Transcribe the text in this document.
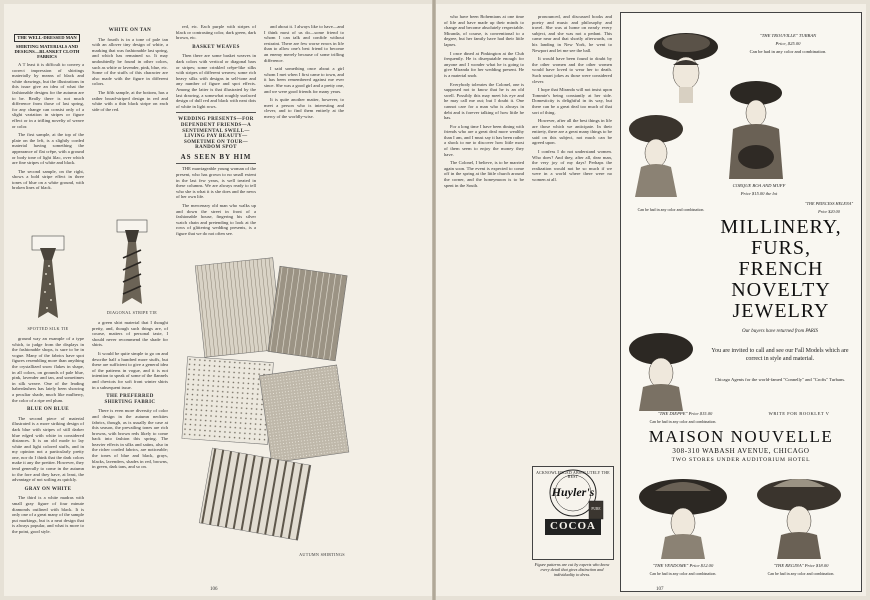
THE WELL-DRESSED MAN
SHIRTING MATERIALS AND DESIGNS—BLANKET CLOTH FABRICS

A T least it is difficult to convey a correct impression of shirtings materially by means of black and white drawings, but the illustrations in this issue give an idea of what the fashionable designs for the autumn are to be. Really there is not much difference from those of last spring, for any change can consist only of a slight variation in stripes or figure effect or in a trifling novelty of weave or color.

The first sample, at the top of the plate on the left, is a slightly corded material having something the appearance of flat crêpe, with a ground or body tone of light lilac, over which are fine stripes of white and black.

The second sample, on the right, shows a bold stripe effect in three tones of blue on a white ground, with broken lines of black.

SPOTTED SILK TIE

ground way an example of a type which, to judge from the displays in the fashionable shops, is sure to be in vogue. Many of the fabrics have spot figures resembling more than anything the crystallized snow flakes in shape, in all colors, on grounds of pale blue, pink, lavender and tan, and sometimes in silk weave. One of the leading haberdashers has lately been showing a peculiar shade, much like mulberry, the color of a ripe red plum.

BLUE ON BLUE

The second piece of material illustrated is a more striking design of dark blue with stripes of still darker blue edged with white in considered distances. It is an old mode to lay white and light colored stuffs, and in my opinion not a particularly pretty one, nor do I think that the dark colors make it any the prettier. However, they tend generally to come in the autumn to the fore and they have, at least, the advantage of not soiling as quickly.

GRAY ON WHITE

The third is a white madras with small gray figure of four minute diamonds outlined with black. It is only one of a great many of the sample put markings, but is a neat design that is always popular, and what is more to the point, good style.

WHITE ON TAN

The fourth is in a tone of pale tan with an allover tiny design of white, a marking that was fashionable last spring, and which has remained so. It may undoubtedly be found in other colors, such as white or lavender, pink, blue, etc. Some of the stuffs of this character are also made with the figure in different colors.

The fifth sample, at the bottom, has a rather broad-striped design in red and white with a thin black stripe on each side of the red.

DIAGONAL STRIPE TIE

a green shirt material that I thought pretty, and, though such things are, of course, matters of personal taste, I should never recommend the shade for shirts.

It would be quite simple to go on and describe half a hundred more stuffs, but these are sufficient to give a general idea of the patterns in vogue, and it is not intention to speak of some of the flannels and cheviots for soft front winter shirts in a subsequent issue.

THE PREFERRED SHIRTING FABRIC

There is even more diversity of color and design in the autumn neckties fabrics, though, as is usually the case at this season, the prevailing tones are rich browns, with brown reds likely to come back into fashion this spring. The heavier effects in silks and satins, also in the richer corded fabrics, are noticeable; the tones of blue and black, grays, blacks, lavenders, shades in red, browns, in green, dark tans, and so on.

red, etc. Each purple with stripes of black or contrasting color, dark green, dark brown, etc.

BASKET WEAVES

Then there are some basket weaves in dark colors with vertical or diagonal bars or stripes; some crinkled crêpe-like silks with stripes of different weaves; some rich heavy silks with designs in self-tone and any number of figure and spot effects. Among the latter is that illustrated by the last drawing, a somewhat roughly surfaced design of dull red and black with neat dots of white in light rows.

WEDDING PRESENTS—FOR DEPENDENT FRIENDS—A SENTIMENTAL SWELL—LIVING PAY BEAUTY—SOMETIME ON TOUR—RANDOM SPOT
AS SEEN BY HIM

THE marriageable young woman of the present, who has grown to no small extent in the last few years, is well treated in these columns. We are always ready to tell who she is what it is she does and the news of her own life.

The mercenary old man who walks up and down the street in front of a fashionable house, fingering his silver watch chain and pretending to look at the rows of glittering wedding presents, is a figure that we do not often see.

and about it. I always like to have—and I think most of us do—some friend to whom I can talk and confide without restraint. There are few worse errors in life than to allow one's best friend to become an enemy merely because of some trifling difference.

I said something once about a girl whom I met when I first came to town, and it has been remembered against me ever since. She was a good girl and a pretty one, and we were good friends for many years.

It is quite another matter, however, to meet a person who is interesting and clever, and to find them entirely at the mercy of the worldly-wise.

AUTUMN SHIRTINGS
106

who have been Bohemians at one time of life and have made up their minds to change and become absolutely respectable. Miranda, of course, is conventional to a degree, but her family have had their little lapses.

I once dined at Pinkington at the Club frequently. He is disreputable enough for anyone and I wonder what he is going to give Miranda for her wedding present. He is a material snob.

Everybody tolerates the Colonel, one is supposed not to know that he is an old swell. Possibly this may meet his eye and he may call me out; but I doubt it. One cannot care for a man who is always in debt and is forever talking of how little he has.

For a long time I have been dining with friends who are a great deal more wealthy than I am, and I must say it has been rather a shock to me to discover how little most of them seem to enjoy the money they have.

The Colonel, I believe, is to be married again soon. The event is expected to come off in the spring at the little church around the corner, and the honeymoon is to be spent in the South.

pronounced, and discussed books and poetry and music and philosophy and travel. She was at home on nearly every subject, and she was not a pedant. This came near and that shortly afterwards, on his landing in New York, he went to Newport and let me see the ball.

It would have been found to doubt by the other women and the other women would have loved to wear her to death. Such smart jokes as those were considered clever.

I hope that Miranda will not insist upon Tommie's being constantly at her side. Domesticity is delightful in its way, but there can be a great deal too much of that sort of thing.

However, after all the best things in life are those which we anticipate. In their entirety, there are a great many things to be said on this subject, not much can be agreed upon.

I confess I do not understand women. Who does? And they, after all, dear man, the very joy of my days! Perhaps the realization would not be so much if we were in a world where there were no women at all.

ACKNOWLEDGED ABSOLUTELY THE BEST
Huyler's
COCOA
PURE
Figure patterns are cut by experts who know every detail that gives distinction and individuality to dress.
"THE TROUVILLE" TURBAN
Price, $25.00
Can be had in any color and combination.
CORQUE BOA AND MUFF
Price $15.00 the lot
"THE PRINCESS HELENA"
Price $20.00
Can be had in any color and combination.
MILLINERY,
FURS,
FRENCH
NOVELTY
JEWELRY
Our buyers have returned from PARIS
You are invited to call and see our Fall Models which are correct in style and material.
Chicago Agents for the world-famed "Connelly" and "Crofts" Turbans.
"THE DIEPPE" Price $15.00
Can be had in any color and combination.
WRITE FOR BOOKLET V
MAISON NOUVELLE
308-310 WABASH AVENUE, CHICAGO
TWO STORES UNDER AUDITORIUM HOTEL
"THE VENDOME" Price $12.00
Can be had in any color and combination.
"THE REGINA" Price $18.00
Can be had in any color and combination.
107
